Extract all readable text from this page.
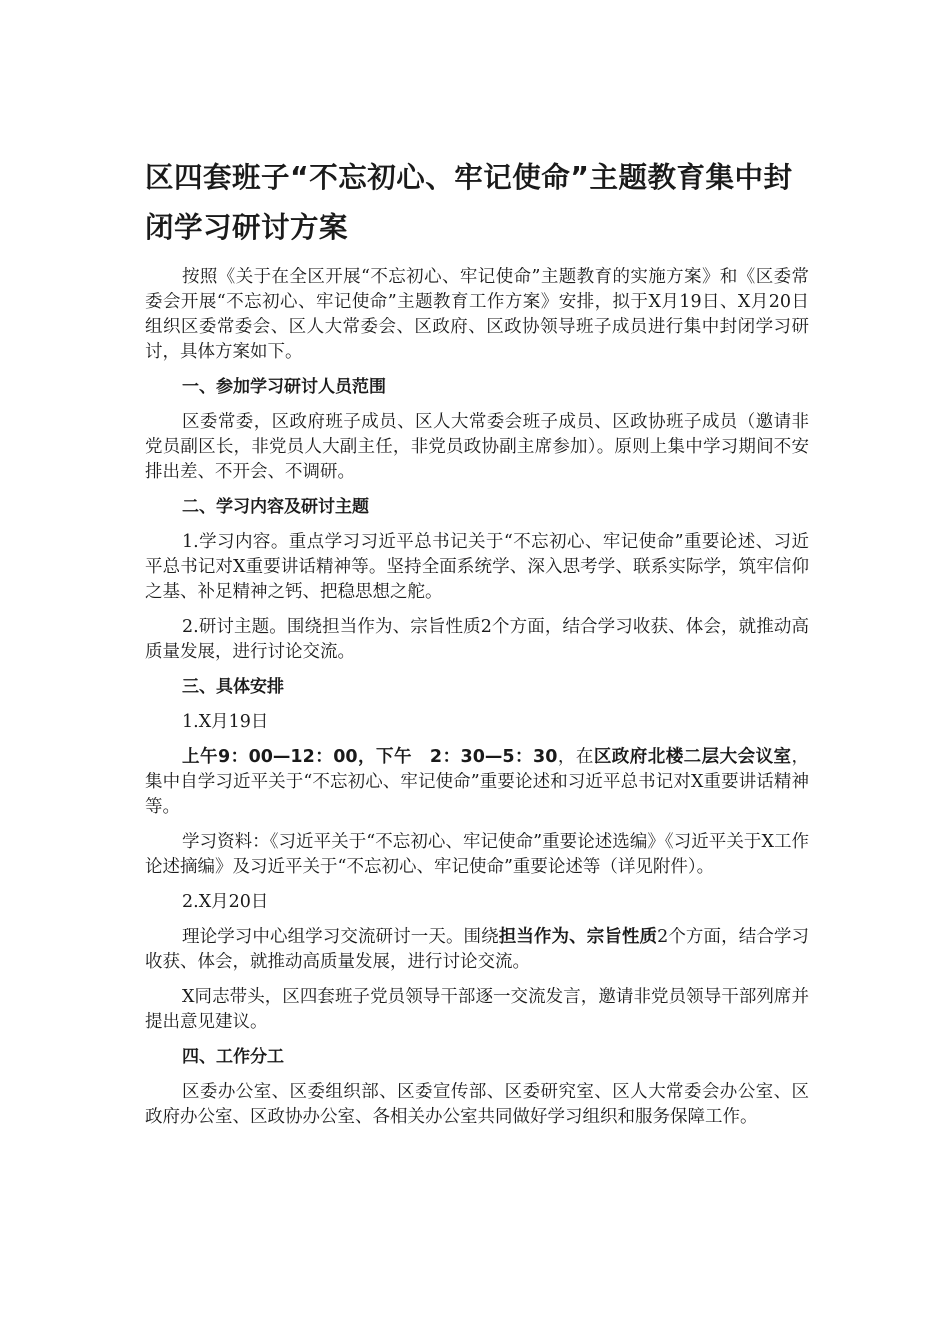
区四套班子“不忘初心、牢记使命”主题教育集中封闭学习研讨方案

按照《关于在全区开展“不忘初心、牢记使命”主题教育的实施方案》和《区委常委会开展“不忘初心、牢记使命”主题教育工作方案》安排，拟于X月19日、X月20日组织区委常委会、区人大常委会、区政府、区政协领导班子成员进行集中封闭学习研讨，具体方案如下。

一、参加学习研讨人员范围

区委常委，区政府班子成员、区人大常委会班子成员、区政协班子成员（邀请非党员副区长，非党员人大副主任，非党员政协副主席参加）。原则上集中学习期间不安排出差、不开会、不调研。

二、学习内容及研讨主题

1.学习内容。重点学习习近平总书记关于“不忘初心、牢记使命”重要论述、习近平总书记对X重要讲话精神等。坚持全面系统学、深入思考学、联系实际学，筑牢信仰之基、补足精神之钙、把稳思想之舵。

2.研讨主题。围绕担当作为、宗旨性质2个方面，结合学习收获、体会，就推动高质量发展，进行讨论交流。

三、具体安排

1.X月19日

上午9：00—12：00，下午　2：30—5：30，在区政府北楼二层大会议室，集中自学习近平关于“不忘初心、牢记使命”重要论述和习近平总书记对X重要讲话精神等。

学习资料：《习近平关于“不忘初心、牢记使命”重要论述选编》《习近平关于X工作论述摘编》及习近平关于“不忘初心、牢记使命”重要论述等（详见附件）。

2.X月20日

理论学习中心组学习交流研讨一天。围绕担当作为、宗旨性质2个方面，结合学习收获、体会，就推动高质量发展，进行讨论交流。

X同志带头，区四套班子党员领导干部逐一交流发言，邀请非党员领导干部列席并提出意见建议。

四、工作分工

区委办公室、区委组织部、区委宣传部、区委研究室、区人大常委会办公室、区政府办公室、区政协办公室、各相关办公室共同做好学习组织和服务保障工作。
